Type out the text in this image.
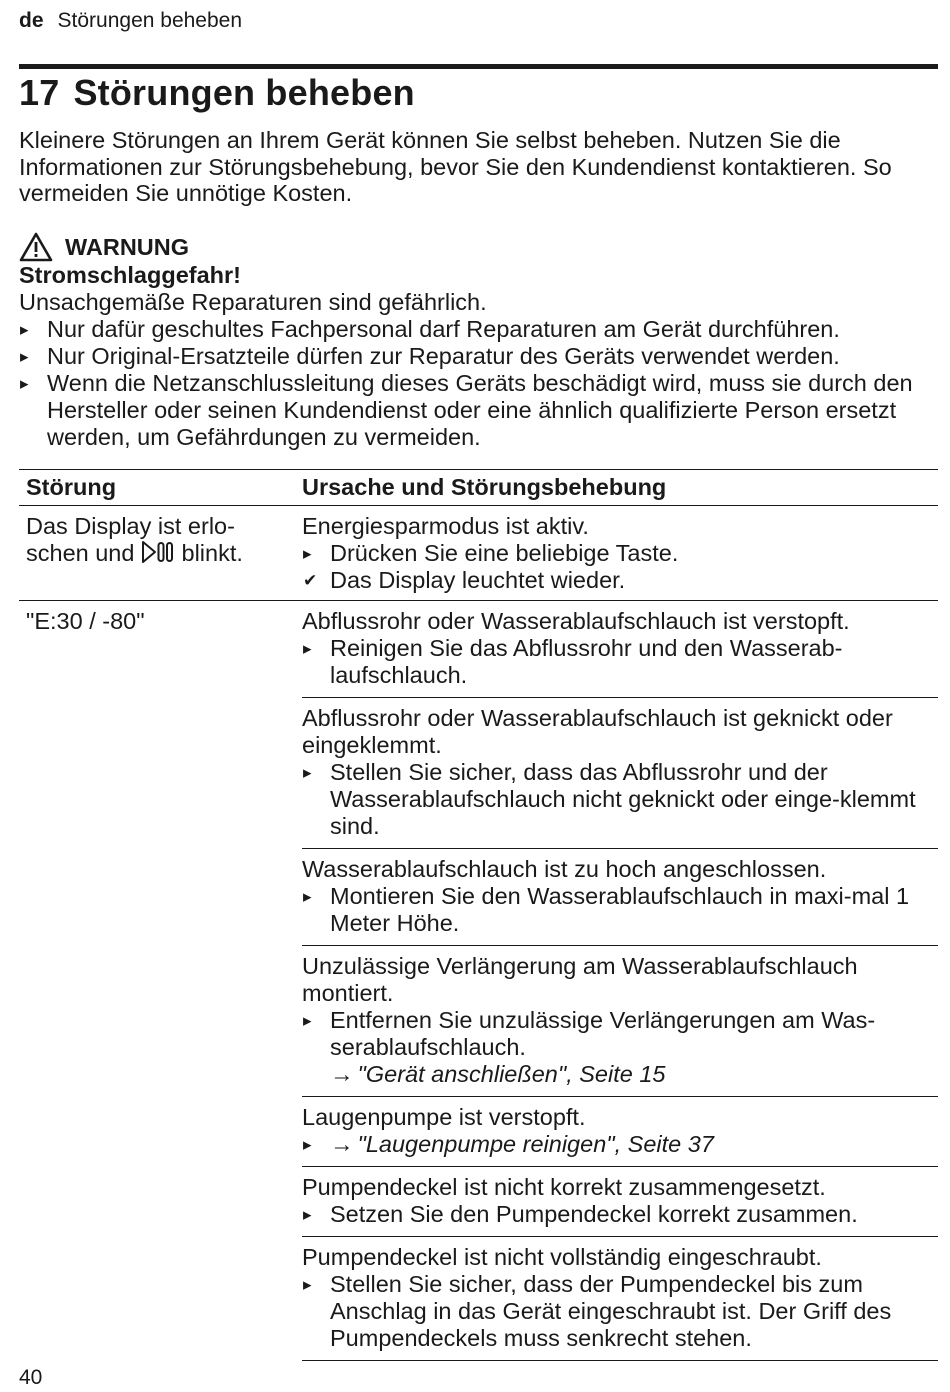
de Störungen beheben
17 Störungen beheben

Kleinere Störungen an Ihrem Gerät können Sie selbst beheben. Nutzen Sie die Informationen zur Störungsbehebung, bevor Sie den Kundendienst kontaktieren. So vermeiden Sie unnötige Kosten.

WARNUNG
Stromschlaggefahr!
Unsachgemäße Reparaturen sind gefährlich.
▸ Nur dafür geschultes Fachpersonal darf Reparaturen am Gerät durchführen.
▸ Nur Original-Ersatzteile dürfen zur Reparatur des Geräts verwendet werden.
▸ Wenn die Netzanschlussleitung dieses Geräts beschädigt wird, muss sie durch den Hersteller oder seinen Kundendienst oder eine ähnlich qualifizierte Person ersetzt werden, um Gefährdungen zu vermeiden.
Störung	Ursache und Störungsbehebung
Das Display ist erlo-schen und blinkt.

Energiesparmodus ist aktiv.

▸ Drücken Sie eine beliebige Taste.
✔ Das Display leuchtet wieder.
"E:30 / -80"	Abflussrohr oder Wasserablaufschlauch ist verstopft.

▸ Reinigen Sie das Abflussrohr und den Wasserab-laufschlauch.

Abflussrohr oder Wasserablaufschlauch ist geknickt oder eingeklemmt.

▸ Stellen Sie sicher, dass das Abflussrohr und der Wasserablaufschlauch nicht geknickt oder einge-klemmt sind.

Wasserablaufschlauch ist zu hoch angeschlossen.

▸ Montieren Sie den Wasserablaufschlauch in maxi-mal 1 Meter Höhe.

Unzulässige Verlängerung am Wasserablaufschlauch montiert.

▸ Entfernen Sie unzulässige Verlängerungen am Was-serablaufschlauch.
→ "Gerät anschließen", Seite 15

Laugenpumpe ist verstopft.

▸ → "Laugenpumpe reinigen", Seite 37

Pumpendeckel ist nicht korrekt zusammengesetzt.

▸ Setzen Sie den Pumpendeckel korrekt zusammen.

Pumpendeckel ist nicht vollständig eingeschraubt.

▸ Stellen Sie sicher, dass der Pumpendeckel bis zum Anschlag in das Gerät eingeschraubt ist. Der Griff des Pumpendeckels muss senkrecht stehen.
40
